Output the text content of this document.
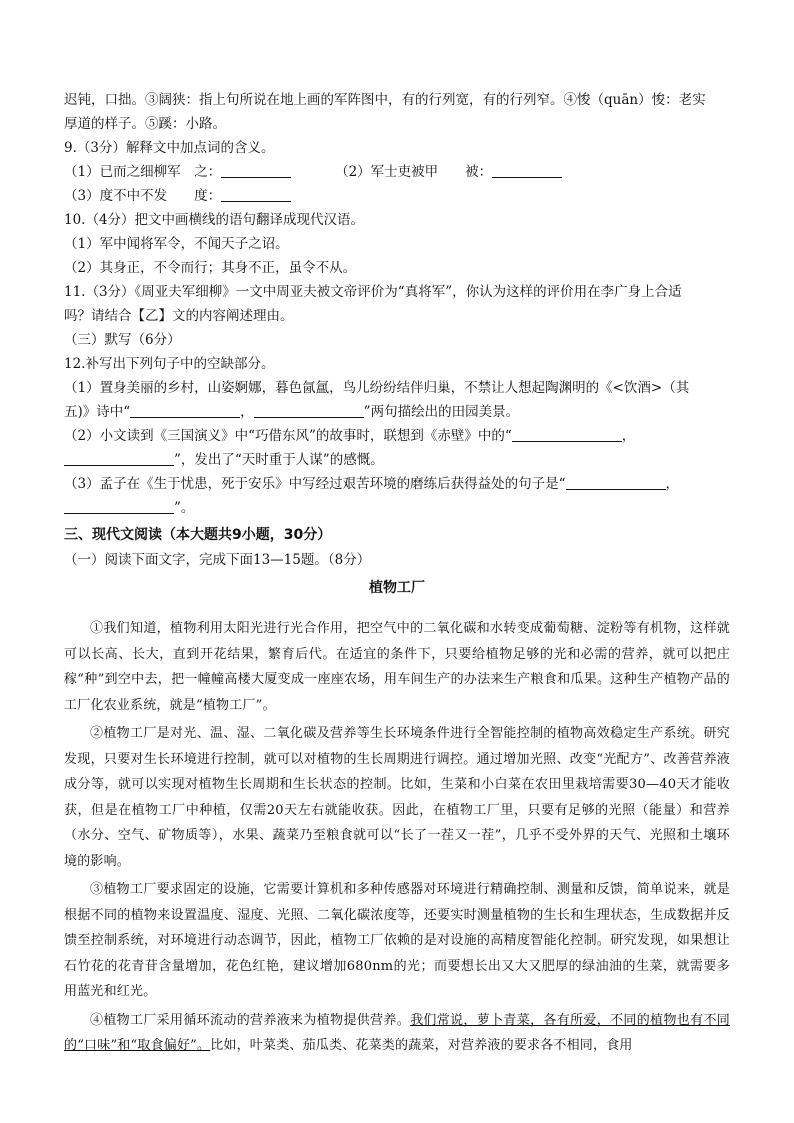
迟钝，口拙。③阔狭：指上句所说在地上画的军阵图中，有的行列宽，有的行列窄。④悛（quān）悛：老实

厚道的样子。⑤蹊：小路。

9.（3分）解释文中加点词的含义。

（1）已而之细柳军　之：	（2）军士吏被甲　　被：

（3）度不中不发　　度：

10.（4分）把文中画横线的语句翻译成现代汉语。

（1）军中闻将军令，不闻天子之诏。

（2）其身正，不令而行；其身不正，虽令不从。

11.（3分）《周亚夫军细柳》一文中周亚夫被文帝评价为“真将军”，你认为这样的评价用在李广身上合适

吗？请结合【乙】文的内容阐述理由。

（三）默写（6分）

12.补写出下列句子中的空缺部分。

（1）置身美丽的乡村，山姿婀娜，暮色氤氲，鸟儿纷纷结伴归巢，不禁让人想起陶渊明的《<饮酒>（其

五)》诗中“	，	”两句描绘出的田园美景。

（2）小文读到《三国演义》中“巧借东风”的故事时，联想到《赤壁》中的“	，

”，发出了“天时重于人谋”的感慨。

（3）孟子在《生于忧患，死于安乐》中写经过艰苦环境的磨练后获得益处的句子是“	，

”。

三、现代文阅读（本大题共9小题，30分）

（一）阅读下面文字，完成下面13—15题。（8分）

植物工厂

①我们知道，植物利用太阳光进行光合作用，把空气中的二氧化碳和水转变成葡萄糖、淀粉等有机物，这样就可以长高、长大，直到开花结果，繁育后代。在适宜的条件下，只要给植物足够的光和必需的营养，就可以把庄稼“种”到空中去，把一幢幢高楼大厦变成一座座农场，用车间生产的办法来生产粮食和瓜果。这种生产植物产品的工厂化农业系统，就是“植物工厂”。

②植物工厂是对光、温、湿、二氧化碳及营养等生长环境条件进行全智能控制的植物高效稳定生产系统。研究发现，只要对生长环境进行控制，就可以对植物的生长周期进行调控。通过增加光照、改变“光配方”、改善营养液成分等，就可以实现对植物生长周期和生长状态的控制。比如，生菜和小白菜在农田里栽培需要30—40天才能收获，但是在植物工厂中种植，仅需20天左右就能收获。因此，在植物工厂里，只要有足够的光照（能量）和营养（水分、空气、矿物质等），水果、蔬菜乃至粮食就可以“长了一茬又一茬”，几乎不受外界的天气、光照和土壤环境的影响。

③植物工厂要求固定的设施，它需要计算机和多种传感器对环境进行精确控制、测量和反馈，简单说来，就是根据不同的植物来设置温度、湿度、光照、二氧化碳浓度等，还要实时测量植物的生长和生理状态，生成数据并反馈至控制系统，对环境进行动态调节，因此，植物工厂依赖的是对设施的高精度智能化控制。研究发现，如果想让石竹花的花青苷含量增加，花色红艳，建议增加680nm的光；而要想长出又大又肥厚的绿油油的生菜，就需要多用蓝光和红光。

④植物工厂采用循环流动的营养液来为植物提供营养。我们常说，萝卜青菜，各有所爱，不同的植物也有不同的“口味”和“取食偏好”。比如，叶菜类、茄瓜类、花菜类的蔬菜，对营养液的要求各不相同，食用
